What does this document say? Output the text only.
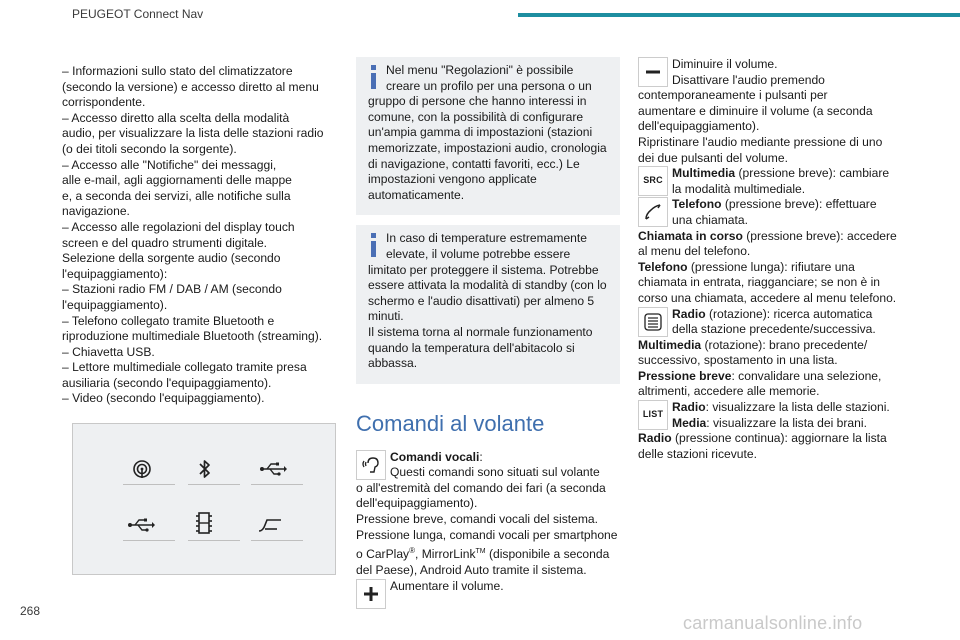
PEUGEOT Connect Nav
– Informazioni sullo stato del climatizzatore
(secondo la versione) e accesso diretto al menu
corrispondente.
– Accesso diretto alla scelta della modalità
audio, per visualizzare la lista delle stazioni radio
(o dei titoli secondo la sorgente).
– Accesso alle "Notifiche" dei messaggi,
alle e-mail, agli aggiornamenti delle mappe
e, a seconda dei servizi, alle notifiche sulla
navigazione.
– Accesso alle regolazioni del display touch
screen e del quadro strumenti digitale.
Selezione della sorgente audio (secondo
l'equipaggiamento):
– Stazioni radio FM / DAB / AM (secondo
l'equipaggiamento).
– Telefono collegato tramite Bluetooth e
riproduzione multimediale Bluetooth (streaming).
– Chiavetta USB.
– Lettore multimediale collegato tramite presa
ausiliaria (secondo l'equipaggiamento).
– Video (secondo l'equipaggiamento).
Nel menu "Regolazioni" è possibile
creare un profilo per una persona o un
gruppo di persone che hanno interessi in
comune, con la possibilità di configurare
un'ampia gamma di impostazioni (stazioni
memorizzate, impostazioni audio, cronologia
di navigazione, contatti favoriti, ecc.) Le
impostazioni vengono applicate
automaticamente.
In caso di temperature estremamente
elevate, il volume potrebbe essere
limitato per proteggere il sistema. Potrebbe
essere attivata la modalità di standby (con lo
schermo e l'audio disattivati) per almeno 5
minuti.
Il sistema torna al normale funzionamento
quando la temperatura dell'abitacolo si
abbassa.
Comandi al volante
Comandi vocali:
Questi comandi sono situati sul volante
o all'estremità del comando dei fari (a seconda
dell'equipaggiamento).
Pressione breve, comandi vocali del sistema.
Pressione lunga, comandi vocali per smartphone
o CarPlay®, MirrorLink™ (disponibile a seconda
del Paese), Android Auto tramite il sistema.
Aumentare il volume.
Diminuire il volume.
Disattivare l'audio premendo
contemporaneamente i pulsanti per
aumentare e diminuire il volume (a seconda
dell'equipaggiamento).
Ripristinare l'audio mediante pressione di uno
dei due pulsanti del volume.
SRC
Multimedia (pressione breve): cambiare
la modalità multimediale.
Telefono (pressione breve): effettuare
una chiamata.
Chiamata in corso (pressione breve): accedere
al menu del telefono.
Telefono (pressione lunga): rifiutare una
chiamata in entrata, riagganciare; se non è in
corso una chiamata, accedere al menu telefono.
Radio (rotazione): ricerca automatica
della stazione precedente/successiva.
Multimedia (rotazione): brano precedente/
successivo, spostamento in una lista.
Pressione breve: convalidare una selezione,
altrimenti, accedere alle memorie.
LIST
Radio: visualizzare la lista delle stazioni.
Media: visualizzare la lista dei brani.
Radio (pressione continua): aggiornare la lista
delle stazioni ricevute.
268
carmanualsonline.info
